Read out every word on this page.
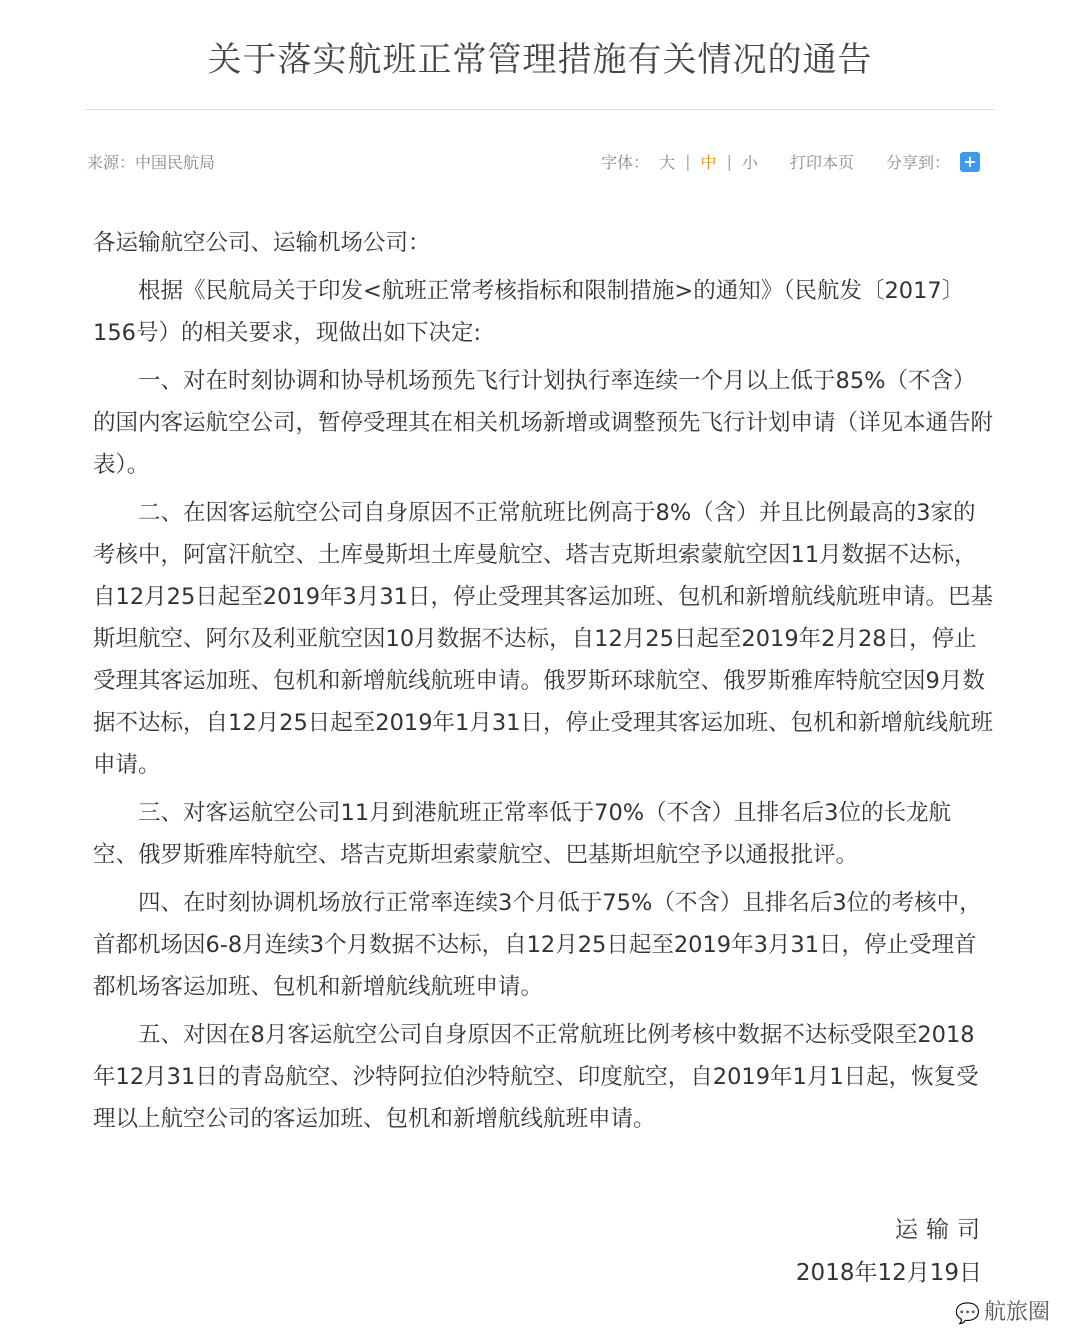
关于落实航班正常管理措施有关情况的通告
来源：中国民航局	字体： 大 | 中 | 小 打印本页 分享到： +

各运输航空公司、运输机场公司：

根据《民航局关于印发<航班正常考核指标和限制措施>的通知》（民航发〔2017〕156号）的相关要求，现做出如下决定:

一、对在时刻协调和协导机场预先飞行计划执行率连续一个月以上低于85%（不含）的国内客运航空公司，暂停受理其在相关机场新增或调整预先飞行计划申请（详见本通告附表）。

二、在因客运航空公司自身原因不正常航班比例高于8%（含）并且比例最高的3家的考核中，阿富汗航空、土库曼斯坦土库曼航空、塔吉克斯坦索蒙航空因11月数据不达标，自12月25日起至2019年3月31日，停止受理其客运加班、包机和新增航线航班申请。巴基斯坦航空、阿尔及利亚航空因10月数据不达标，自12月25日起至2019年2月28日，停止受理其客运加班、包机和新增航线航班申请。俄罗斯环球航空、俄罗斯雅库特航空因9月数据不达标，自12月25日起至2019年1月31日，停止受理其客运加班、包机和新增航线航班申请。

三、对客运航空公司11月到港航班正常率低于70%（不含）且排名后3位的长龙航空、俄罗斯雅库特航空、塔吉克斯坦索蒙航空、巴基斯坦航空予以通报批评。

四、在时刻协调机场放行正常率连续3个月低于75%（不含）且排名后3位的考核中，首都机场因6-8月连续3个月数据不达标，自12月25日起至2019年3月31日，停止受理首都机场客运加班、包机和新增航线航班申请。

五、对因在8月客运航空公司自身原因不正常航班比例考核中数据不达标受限至2018年12月31日的青岛航空、沙特阿拉伯沙特航空、印度航空，自2019年1月1日起，恢复受理以上航空公司的客运加班、包机和新增航线航班申请。

运输司
2018年12月19日
💬 航旅圈
